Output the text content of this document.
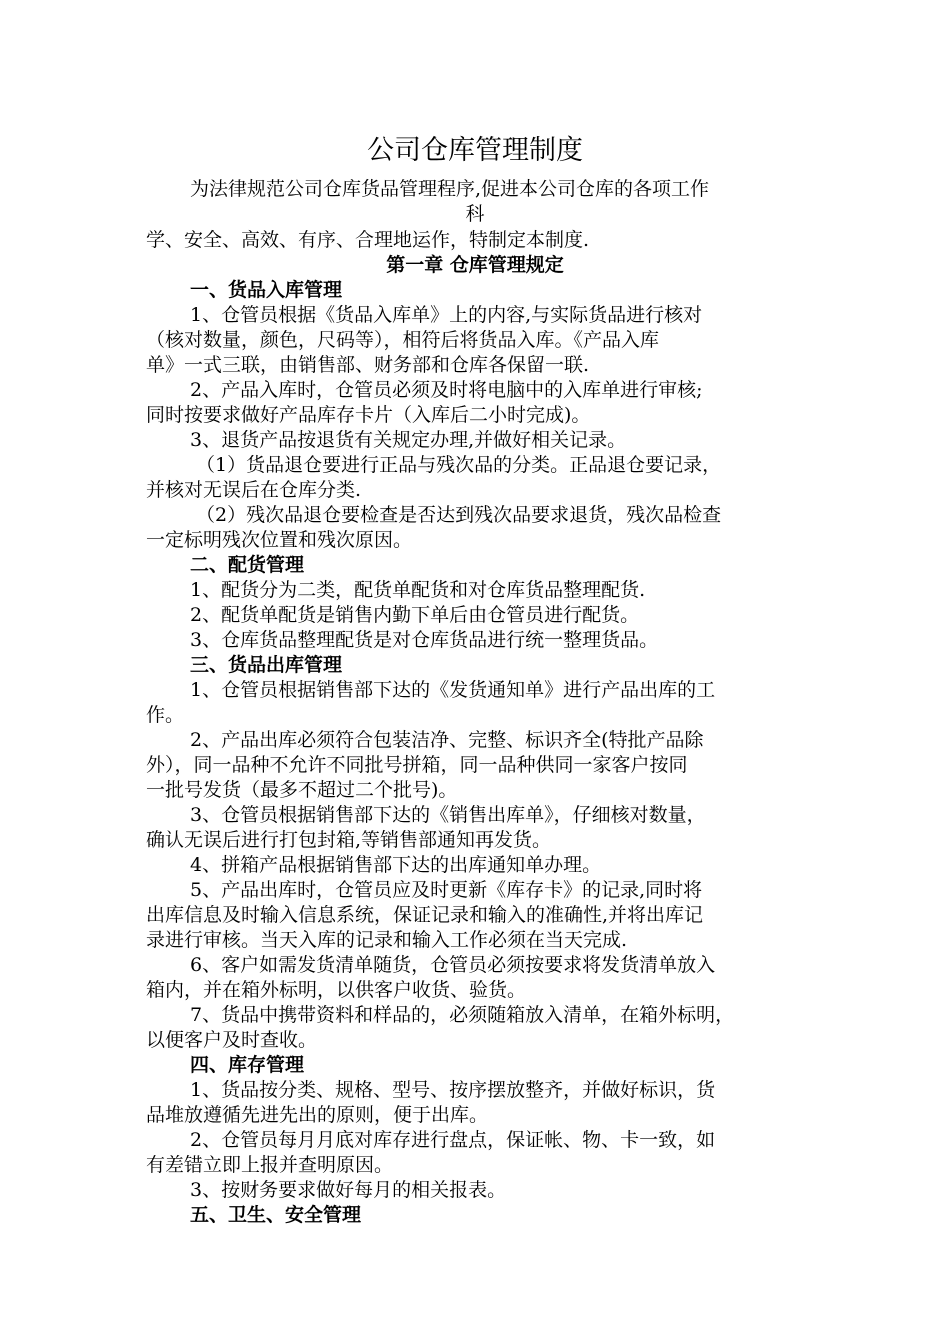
公司仓库管理制度
为法律规范公司仓库货品管理程序,促进本公司仓库的各项工作
科
学、安全、高效、有序、合理地运作，特制定本制度.
第一章 仓库管理规定
一、货品入库管理
1、仓管员根据《货品入库单》上的内容,与实际货品进行核对
（核对数量，颜色，尺码等），相符后将货品入库。《产品入库
单》一式三联，由销售部、财务部和仓库各保留一联.
2、产品入库时，仓管员必须及时将电脑中的入库单进行审核;
同时按要求做好产品库存卡片（入库后二小时完成)。
3、退货产品按退货有关规定办理,并做好相关记录。
（1）货品退仓要进行正品与残次品的分类。正品退仓要记录，
并核对无误后在仓库分类.
（2）残次品退仓要检查是否达到残次品要求退货，残次品检查
一定标明残次位置和残次原因。
二、配货管理
1、配货分为二类，配货单配货和对仓库货品整理配货.
2、配货单配货是销售内勤下单后由仓管员进行配货。
3、仓库货品整理配货是对仓库货品进行统一整理货品。
三、货品出库管理
1、仓管员根据销售部下达的《发货通知单》进行产品出库的工
作。
2、产品出库必须符合包装洁净、完整、标识齐全(特批产品除
外），同一品种不允许不同批号拼箱，同一品种供同一家客户按同
一批号发货（最多不超过二个批号)。
3、仓管员根据销售部下达的《销售出库单》，仔细核对数量，
确认无误后进行打包封箱,等销售部通知再发货。
4、拼箱产品根据销售部下达的出库通知单办理。
5、产品出库时，仓管员应及时更新《库存卡》的记录,同时将
出库信息及时输入信息系统，保证记录和输入的准确性,并将出库记
录进行审核。当天入库的记录和输入工作必须在当天完成.
6、客户如需发货清单随货，仓管员必须按要求将发货清单放入
箱内，并在箱外标明，以供客户收货、验货。
7、货品中携带资料和样品的，必须随箱放入清单，在箱外标明，
以便客户及时查收。
四、库存管理
1、货品按分类、规格、型号、按序摆放整齐，并做好标识，货
品堆放遵循先进先出的原则，便于出库。
2、仓管员每月月底对库存进行盘点，保证帐、物、卡一致，如
有差错立即上报并查明原因。
3、按财务要求做好每月的相关报表。
五、卫生、安全管理
